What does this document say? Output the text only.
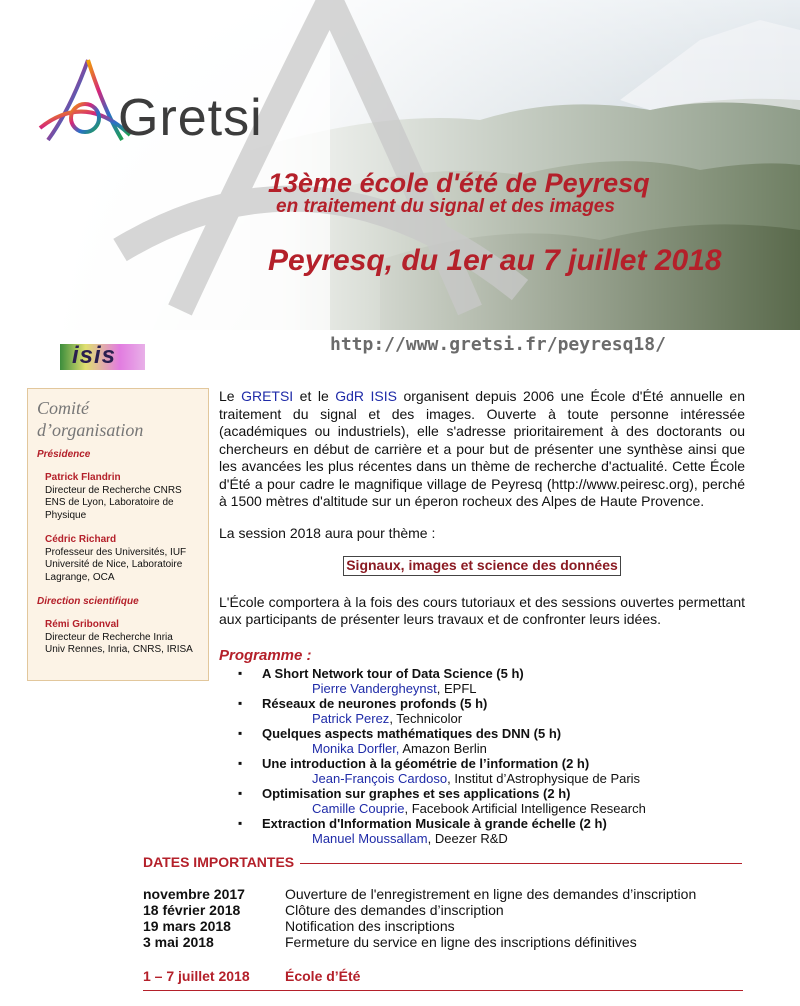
Gretsi
13ème école d'été de Peyresq
en traitement du signal et des images
Peyresq, du 1er au 7 juillet 2018
http://www.gretsi.fr/peyresq18/
isis
Comité
d’organisation
Présidence
Patrick Flandrin
Directeur de Recherche CNRS
ENS de Lyon, Laboratoire de Physique
Cédric Richard
Professeur des Universités, IUF
Université de Nice, Laboratoire
Lagrange, OCA
Direction scientifique
Rémi Gribonval
Directeur de Recherche Inria
Univ Rennes, Inria, CNRS, IRISA

Le GRETSI et le GdR ISIS organisent depuis 2006 une École d'Été annuelle en traitement du signal et des images. Ouverte à toute personne intéressée (académiques ou industriels), elle s'adresse prioritairement à des doctorants ou chercheurs en début de carrière et a pour but de présenter une synthèse ainsi que les avancées les plus récentes dans un thème de recherche d'actualité. Cette École d'Été a pour cadre le magnifique village de Peyresq (http://www.peiresc.org), perché à 1500 mètres d'altitude sur un éperon rocheux des Alpes de Haute Provence.

La session 2018 aura pour thème :

Signaux, images et science des données

L'École comportera à la fois des cours tutoriaux et des sessions ouvertes permettant aux participants de présenter leurs travaux et de confronter leurs idées.

Programme :

▪ A Short Network tour of Data Science (5 h)
Pierre Vandergheynst, EPFL
▪ Réseaux de neurones profonds (5 h)
Patrick Perez, Technicolor
▪ Quelques aspects mathématiques des DNN (5 h)
Monika Dorfler, Amazon Berlin
▪ Une introduction à la géométrie de l’information (2 h)
Jean-François Cardoso, Institut d’Astrophysique de Paris
▪ Optimisation sur graphes et ses applications (2 h)
Camille Couprie, Facebook Artificial Intelligence Research
▪ Extraction d'Information Musicale à grande échelle (2 h)
Manuel Moussallam, Deezer R&D
DATES IMPORTANTES
novembre 2017	Ouverture de l'enregistrement en ligne des demandes d’inscription
18 février 2018	Clôture des demandes d’inscription
19 mars 2018	Notification des inscriptions
3 mai 2018	Fermeture du service en ligne des inscriptions définitives
1 – 7 juillet 2018	École d’Été
